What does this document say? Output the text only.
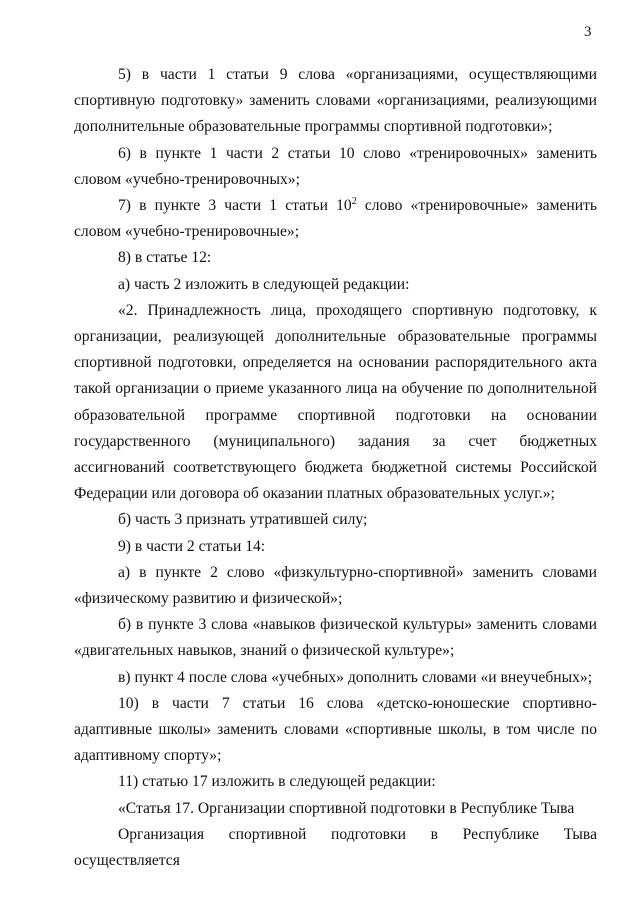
3

5) в части 1 статьи 9 слова «организациями, осуществляющими спортивную подготовку» заменить словами «организациями, реализующими дополнительные образовательные программы спортивной подготовки»;

6) в пункте 1 части 2 статьи 10 слово «тренировочных» заменить словом «учебно-тренировочных»;

7) в пункте 3 части 1 статьи $10^2$ слово «тренировочные» заменить словом «учебно-тренировочные»;

8) в статье 12:

а) часть 2 изложить в следующей редакции:

«2. Принадлежность лица, проходящего спортивную подготовку, к организации, реализующей дополнительные образовательные программы спортивной подготовки, определяется на основании распорядительного акта такой организации о приеме указанного лица на обучение по дополнительной образовательной программе спортивной подготовки на основании государственного (муниципального) задания за счет бюджетных ассигнований соответствующего бюджета бюджетной системы Российской Федерации или договора об оказании платных образовательных услуг.»;

б) часть 3 признать утратившей силу;

9) в части 2 статьи 14:

а) в пункте 2 слово «физкультурно-спортивной» заменить словами «физическому развитию и физической»;

б) в пункте 3 слова «навыков физической культуры» заменить словами «двигательных навыков, знаний о физической культуре»;

в) пункт 4 после слова «учебных» дополнить словами «и внеучебных»;

10) в части 7 статьи 16 слова «детско-юношеские спортивно-адаптивные школы» заменить словами «спортивные школы, в том числе по адаптивному спорту»;

11) статью 17 изложить в следующей редакции:

«Статья 17. Организации спортивной подготовки в Республике Тыва

Организация спортивной подготовки в Республике Тыва осуществляется
